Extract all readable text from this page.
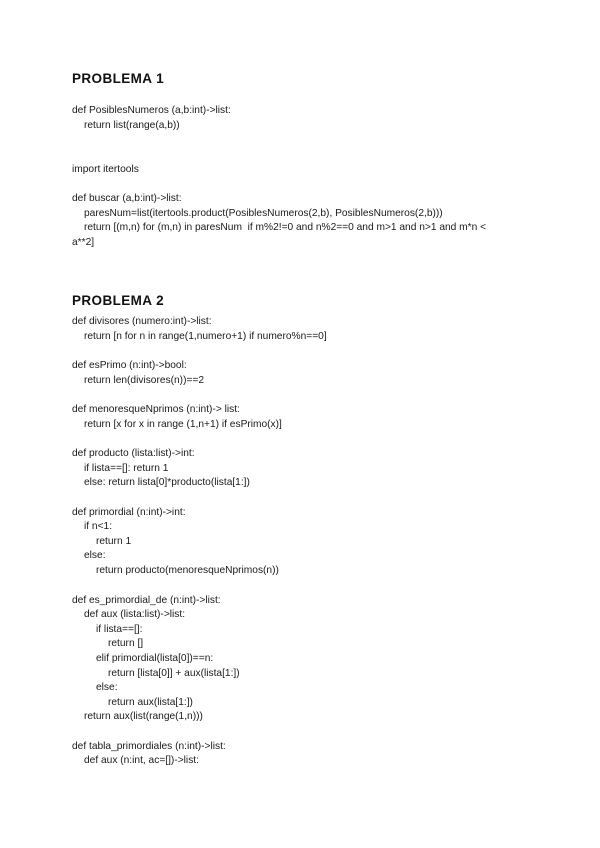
PROBLEMA 1
def PosiblesNumeros (a,b:int)->list:
return list(range(a,b))
import itertools
def buscar (a,b:int)->list:
paresNum=list(itertools.product(PosiblesNumeros(2,b), PosiblesNumeros(2,b)))
return [(m,n) for (m,n) in paresNum  if m%2!=0 and n%2==0 and m>1 and n>1 and m*n <
a**2]
PROBLEMA 2
def divisores (numero:int)->list:
return [n for n in range(1,numero+1) if numero%n==0]
def esPrimo (n:int)->bool:
return len(divisores(n))==2
def menoresqueNprimos (n:int)-> list:
return [x for x in range (1,n+1) if esPrimo(x)]
def producto (lista:list)->int:
if lista==[]: return 1
else: return lista[0]*producto(lista[1:])
def primordial (n:int)->int:
if n<1:
return 1
else:
return producto(menoresqueNprimos(n))
def es_primordial_de (n:int)->list:
def aux (lista:list)->list:
if lista==[]:
return []
elif primordial(lista[0])==n:
return [lista[0]] + aux(lista[1:])
else:
return aux(lista[1:])
return aux(list(range(1,n)))
def tabla_primordiales (n:int)->list:
def aux (n:int, ac=[])->list:
